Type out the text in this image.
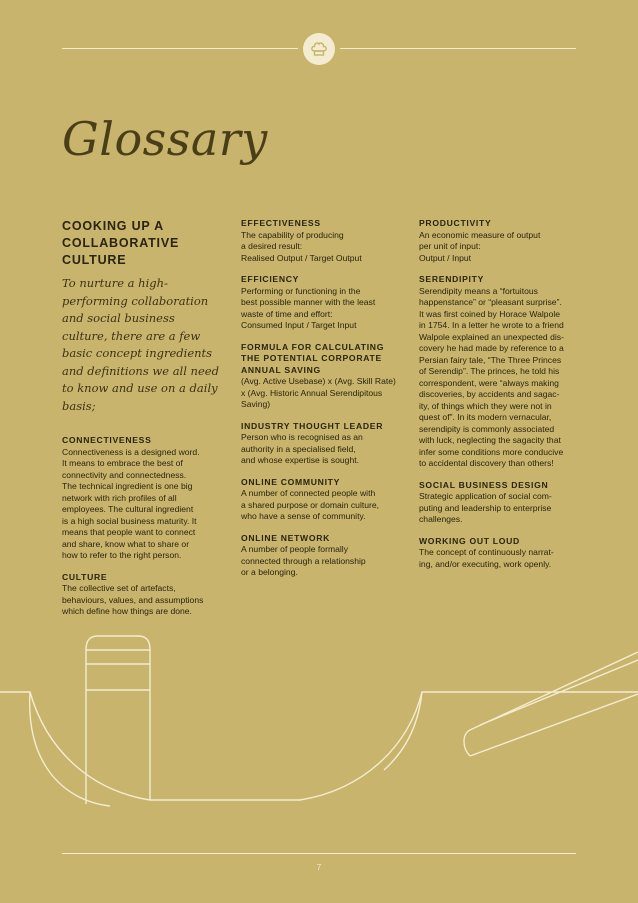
Glossary

COOKING UP A
COLLABORATIVE CULTURE

To nurture a high-performing collaboration and social business culture, there are a few basic concept ingredients and definitions we all need to know and use on a daily basis;

CONNECTIVENESS

Connectiveness is a designed word.
It means to embrace the best of
connectivity and connectedness.
The technical ingredient is one big
network with rich profiles of all
employees. The cultural ingredient
is a high social business maturity. It
means that people want to connect
and share, know what to share or
how to refer to the right person.

CULTURE

The collective set of artefacts,
behaviours, values, and assumptions
which define how things are done.

EFFECTIVENESS

The capability of producing
a desired result:
Realised Output / Target Output

EFFICIENCY

Performing or functioning in the
best possible manner with the least
waste of time and effort:
Consumed Input / Target Input

FORMULA FOR CALCULATING
THE POTENTIAL CORPORATE
ANNUAL SAVING

(Avg. Active Usebase) x (Avg. Skill Rate)
x (Avg. Historic Annual Serendipitous
Saving)

INDUSTRY THOUGHT LEADER

Person who is recognised as an
authority in a specialised field,
and whose expertise is sought.

ONLINE COMMUNITY

A number of connected people with
a shared purpose or domain culture,
who have a sense of community.

ONLINE NETWORK

A number of people formally
connected through a relationship
or a belonging.

PRODUCTIVITY

An economic measure of output
per unit of input:
Output / Input

SERENDIPITY

Serendipity means a “fortuitous
happenstance” or “pleasant surprise”.
It was first coined by Horace Walpole
in 1754. In a letter he wrote to a friend
Walpole explained an unexpected dis-
covery he had made by reference to a
Persian fairy tale, “The Three Princes
of Serendip”. The princes, he told his
correspondent, were “always making
discoveries, by accidents and sagac-
ity, of things which they were not in
quest of”. In its modern vernacular,
serendipity is commonly associated
with luck, neglecting the sagacity that
infer some conditions more conducive
to accidental discovery than others!

SOCIAL BUSINESS DESIGN

Strategic application of social com-
puting and leadership to enterprise
challenges.

WORKING OUT LOUD

The concept of continuously narrat-
ing, and/or executing, work openly.

7
